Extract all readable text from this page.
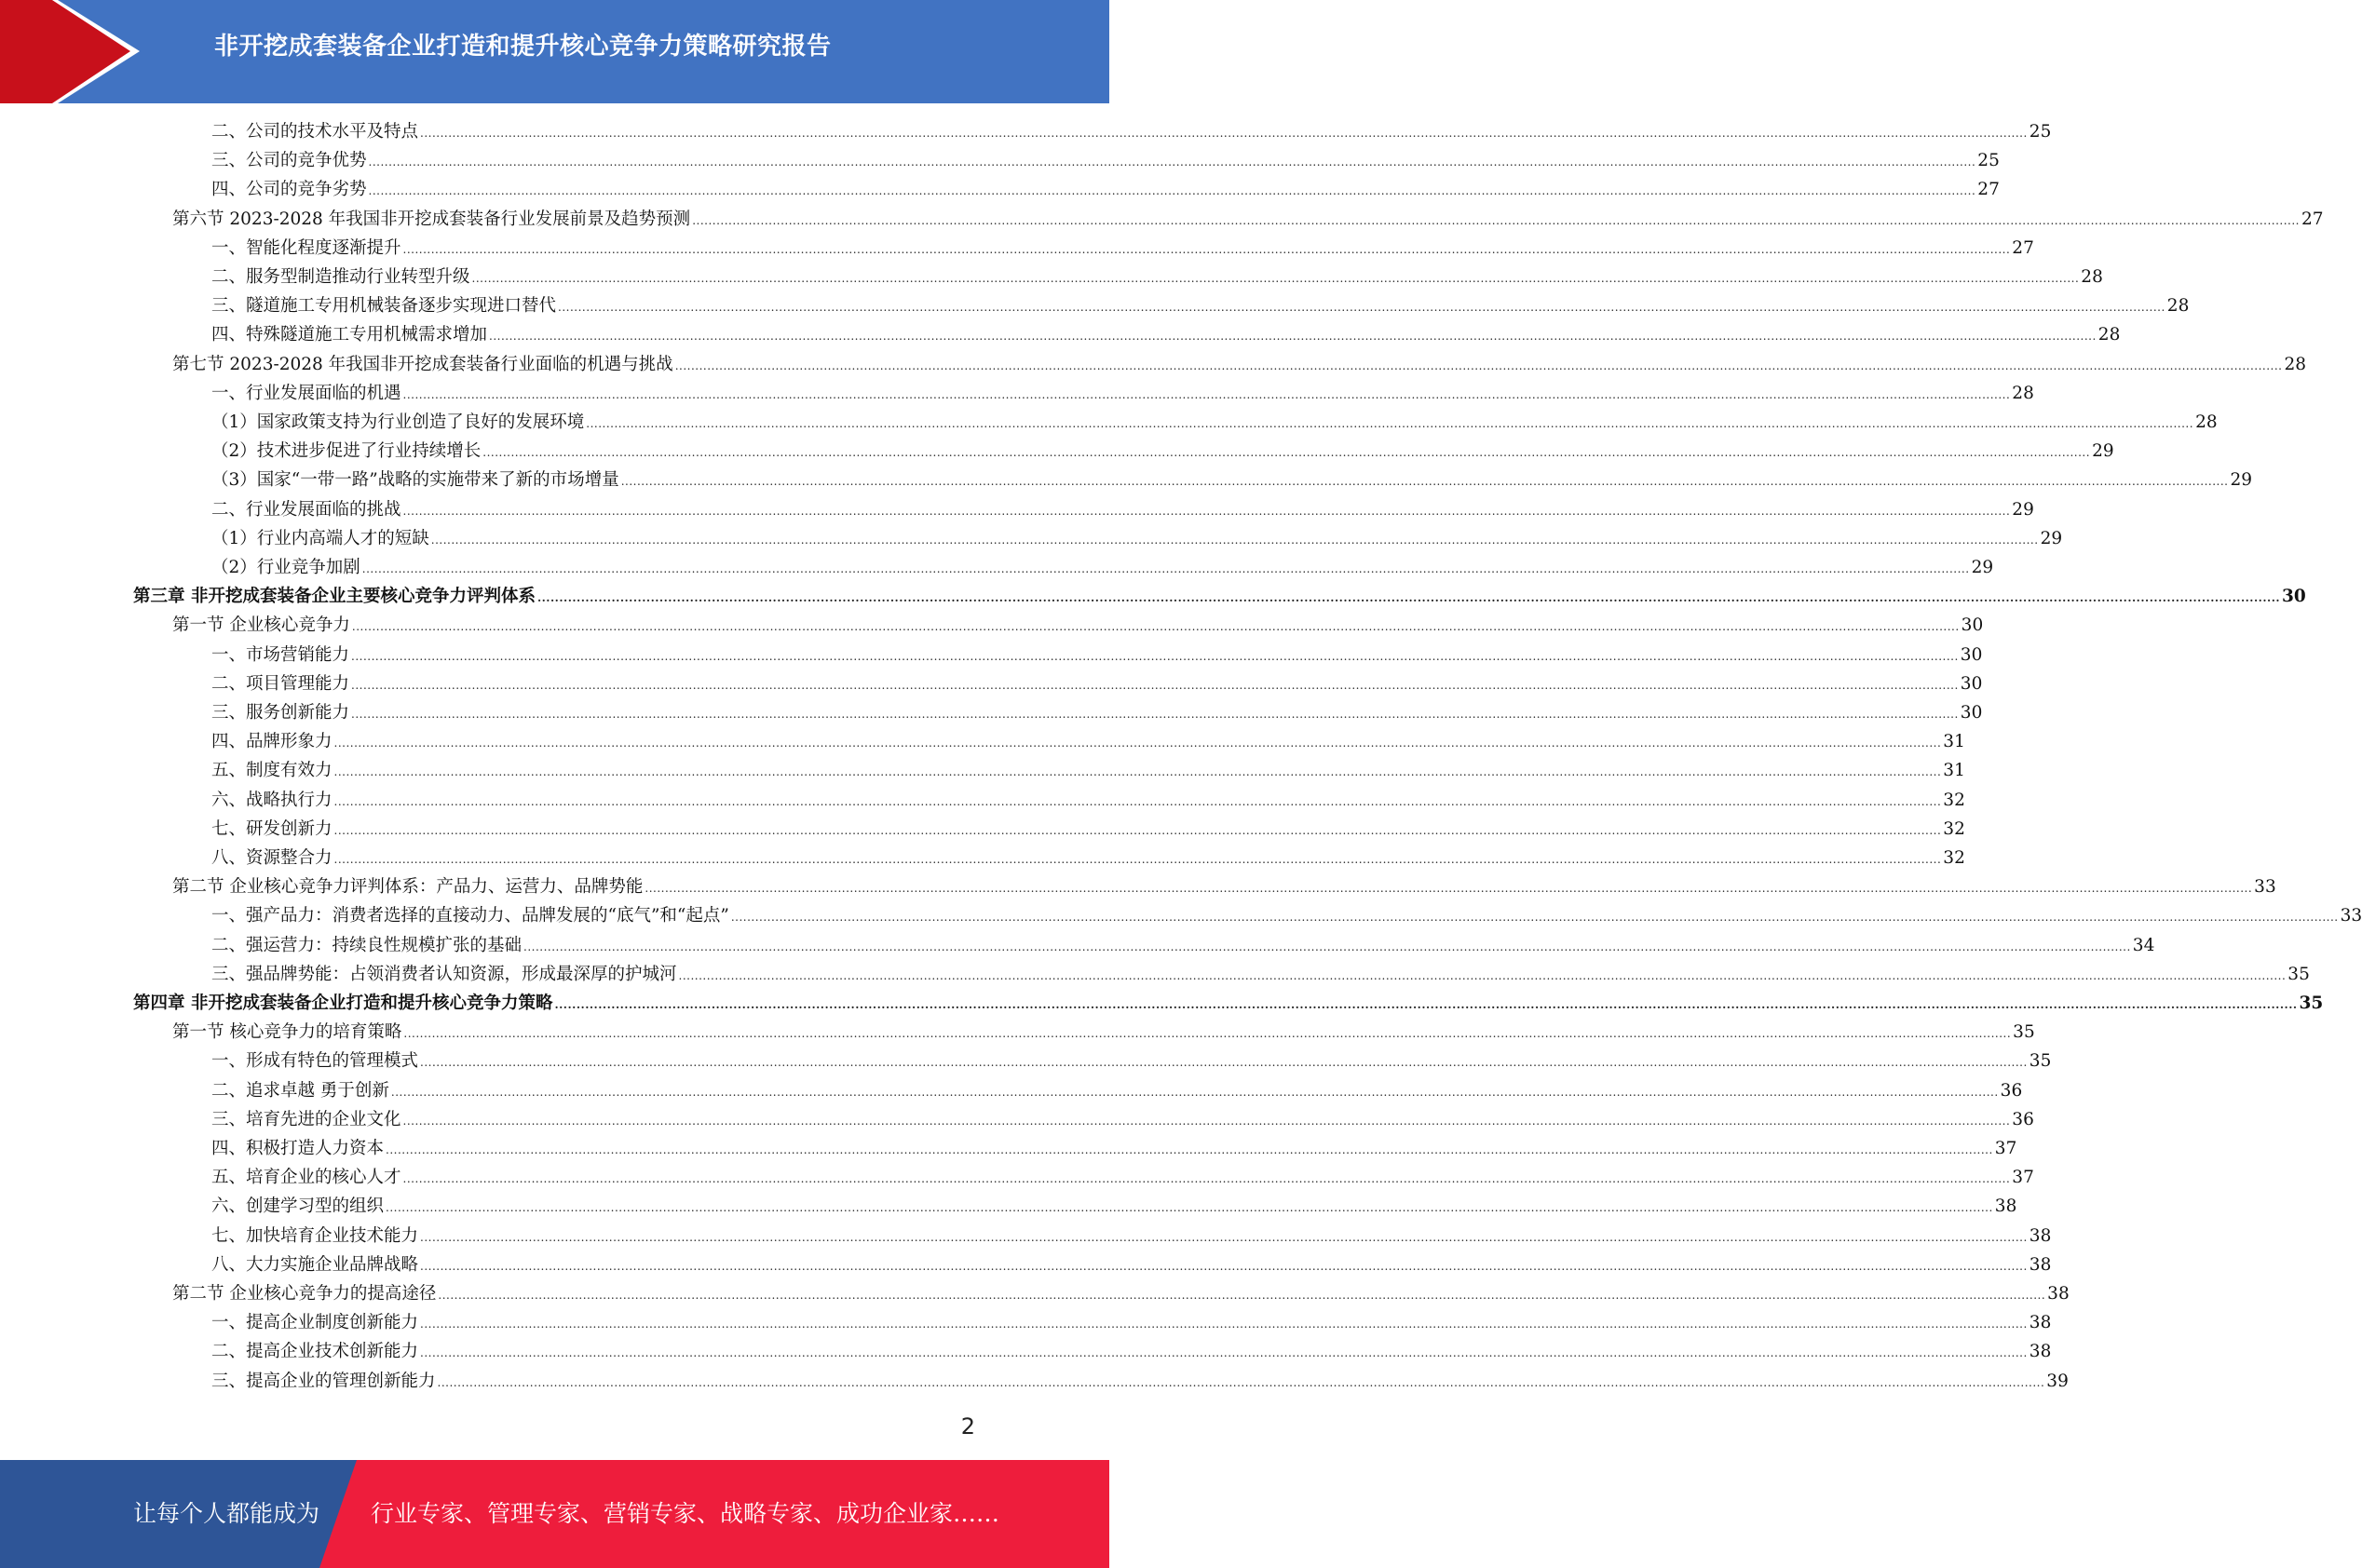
非开挖成套装备企业打造和提升核心竞争力策略研究报告
二、公司的技术水平及特点 ................................................................................................................................................................................................................................................................................................................................................................................................................ 25
三、公司的竞争优势 ................................................................................................................................................................................................................................................................................................................................................................................................................ 25
四、公司的竞争劣势 ................................................................................................................................................................................................................................................................................................................................................................................................................ 27
第六节 2023-2028 年我国非开挖成套装备行业发展前景及趋势预测 ................................................................................................................................................................................................................................................................................................................................................................................................................ 27
一、智能化程度逐渐提升 ................................................................................................................................................................................................................................................................................................................................................................................................................ 27
二、服务型制造推动行业转型升级 ................................................................................................................................................................................................................................................................................................................................................................................................................ 28
三、隧道施工专用机械装备逐步实现进口替代 ................................................................................................................................................................................................................................................................................................................................................................................................................ 28
四、特殊隧道施工专用机械需求增加 ................................................................................................................................................................................................................................................................................................................................................................................................................ 28
第七节 2023-2028 年我国非开挖成套装备行业面临的机遇与挑战 ................................................................................................................................................................................................................................................................................................................................................................................................................ 28
一、行业发展面临的机遇 ................................................................................................................................................................................................................................................................................................................................................................................................................ 28
（1）国家政策支持为行业创造了良好的发展环境 ................................................................................................................................................................................................................................................................................................................................................................................................................ 28
（2）技术进步促进了行业持续增长 ................................................................................................................................................................................................................................................................................................................................................................................................................ 29
（3）国家“一带一路”战略的实施带来了新的市场增量 ................................................................................................................................................................................................................................................................................................................................................................................................................ 29
二、行业发展面临的挑战 ................................................................................................................................................................................................................................................................................................................................................................................................................ 29
（1）行业内高端人才的短缺 ................................................................................................................................................................................................................................................................................................................................................................................................................ 29
（2）行业竞争加剧 ................................................................................................................................................................................................................................................................................................................................................................................................................ 29
第三章 非开挖成套装备企业主要核心竞争力评判体系 ................................................................................................................................................................................................................................................................................................................................................................................................................ 30
第一节 企业核心竞争力 ................................................................................................................................................................................................................................................................................................................................................................................................................ 30
一、市场营销能力 ................................................................................................................................................................................................................................................................................................................................................................................................................ 30
二、项目管理能力 ................................................................................................................................................................................................................................................................................................................................................................................................................ 30
三、服务创新能力 ................................................................................................................................................................................................................................................................................................................................................................................................................ 30
四、品牌形象力 ................................................................................................................................................................................................................................................................................................................................................................................................................ 31
五、制度有效力 ................................................................................................................................................................................................................................................................................................................................................................................................................ 31
六、战略执行力 ................................................................................................................................................................................................................................................................................................................................................................................................................ 32
七、研发创新力 ................................................................................................................................................................................................................................................................................................................................................................................................................ 32
八、资源整合力 ................................................................................................................................................................................................................................................................................................................................................................................................................ 32
第二节 企业核心竞争力评判体系：产品力、运营力、品牌势能 ................................................................................................................................................................................................................................................................................................................................................................................................................ 33
一、强产品力：消费者选择的直接动力、品牌发展的“底气”和“起点” ................................................................................................................................................................................................................................................................................................................................................................................................................ 33
二、强运营力：持续良性规模扩张的基础 ................................................................................................................................................................................................................................................................................................................................................................................................................ 34
三、强品牌势能：占领消费者认知资源，形成最深厚的护城河 ................................................................................................................................................................................................................................................................................................................................................................................................................ 35
第四章 非开挖成套装备企业打造和提升核心竞争力策略 ................................................................................................................................................................................................................................................................................................................................................................................................................ 35
第一节 核心竞争力的培育策略 ................................................................................................................................................................................................................................................................................................................................................................................................................ 35
一、形成有特色的管理模式 ................................................................................................................................................................................................................................................................................................................................................................................................................ 35
二、追求卓越 勇于创新 ................................................................................................................................................................................................................................................................................................................................................................................................................ 36
三、培育先进的企业文化 ................................................................................................................................................................................................................................................................................................................................................................................................................ 36
四、积极打造人力资本 ................................................................................................................................................................................................................................................................................................................................................................................................................ 37
五、培育企业的核心人才 ................................................................................................................................................................................................................................................................................................................................................................................................................ 37
六、创建学习型的组织 ................................................................................................................................................................................................................................................................................................................................................................................................................ 38
七、加快培育企业技术能力 ................................................................................................................................................................................................................................................................................................................................................................................................................ 38
八、大力实施企业品牌战略 ................................................................................................................................................................................................................................................................................................................................................................................................................ 38
第二节 企业核心竞争力的提高途径 ................................................................................................................................................................................................................................................................................................................................................................................................................ 38
一、提高企业制度创新能力 ................................................................................................................................................................................................................................................................................................................................................................................................................ 38
二、提高企业技术创新能力 ................................................................................................................................................................................................................................................................................................................................................................................................................ 38
三、提高企业的管理创新能力 ................................................................................................................................................................................................................................................................................................................................................................................................................ 39
2
让每个人都能成为 行业专家、管理专家、营销专家、战略专家、成功企业家……
